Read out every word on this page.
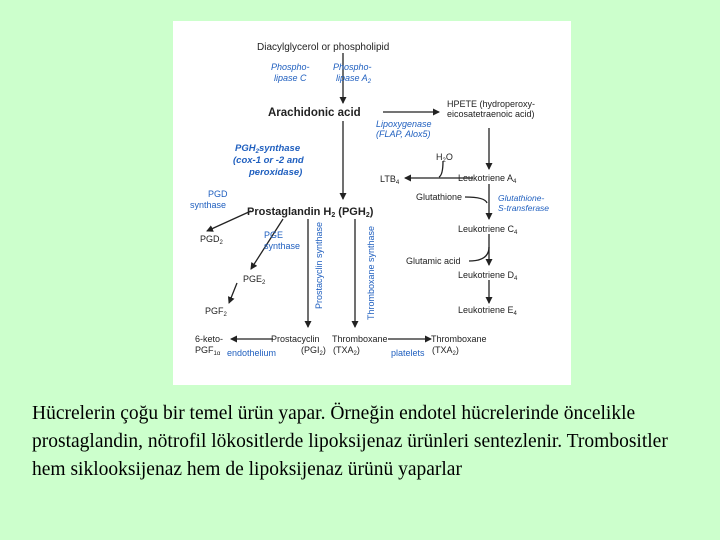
Diacylglycerol or phospholipid
Phospho- lipase C
Phospho- lipase $A_2$
Arachidonic acid
HPETE (hydroperoxy- eicosatetraenoic acid)
Lipoxygenase (FLAP, Alox5)
$PGH_2synthase$ (cox-1 or -2 and peroxidase)
$H_2O$
$LTB_4$	Leukotriene $A_4$
Glutathione	Glutathione- S-transferase
PGD synthase
Prostaglandin H2 (PGH2)
Leukotriene $C_4$
PGE synthase
$PGD_2$
Glutamic acid
Prostacyclin synthase	Thromboxane synthase	Leukotriene $D_4$
$PGE_2$
$PGF_2$	Leukotriene $E_4$
6-keto- $PGF_{1\alpha}$ endothelium
Prostacyclin $(PGI_2)$
Thromboxane $(TXA_2)$	platelets
Thromboxane $(TXA_2)$

Hücrelerin çoğu bir temel ürün yapar. Örneğin endotel hücrelerinde öncelikle prostaglandin, nötrofil lökositlerde lipoksijenaz ürünleri sentezlenir. Trombositler hem siklooksijenaz hem de lipoksijenaz ürünü yaparlar
